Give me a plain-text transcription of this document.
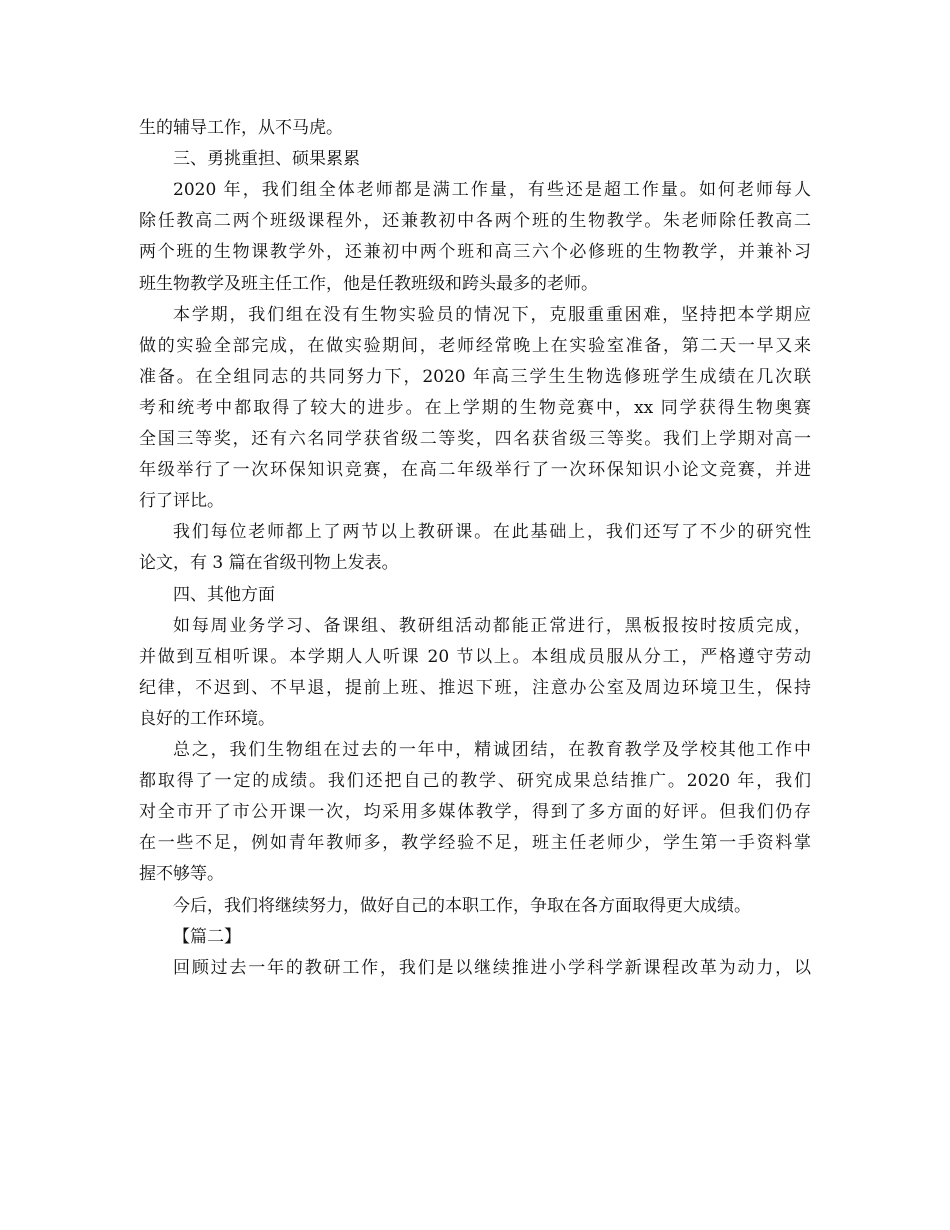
生的辅导工作，从不马虎。
三、勇挑重担、硕果累累
2020 年，我们组全体老师都是满工作量，有些还是超工作量。如何老师每人
除任教高二两个班级课程外，还兼教初中各两个班的生物教学。朱老师除任教高二
两个班的生物课教学外，还兼初中两个班和高三六个必修班的生物教学，并兼补习
班生物教学及班主任工作，他是任教班级和跨头最多的老师。
本学期，我们组在没有生物实验员的情况下，克服重重困难，坚持把本学期应
做的实验全部完成，在做实验期间，老师经常晚上在实验室准备，第二天一早又来
准备。在全组同志的共同努力下，2020 年高三学生生物选修班学生成绩在几次联
考和统考中都取得了较大的进步。在上学期的生物竞赛中，xx 同学获得生物奥赛
全国三等奖，还有六名同学获省级二等奖，四名获省级三等奖。我们上学期对高一
年级举行了一次环保知识竞赛，在高二年级举行了一次环保知识小论文竞赛，并进
行了评比。
我们每位老师都上了两节以上教研课。在此基础上，我们还写了不少的研究性
论文，有 3 篇在省级刊物上发表。
四、其他方面
如每周业务学习、备课组、教研组活动都能正常进行，黑板报按时按质完成，
并做到互相听课。本学期人人听课 20 节以上。本组成员服从分工，严格遵守劳动
纪律，不迟到、不早退，提前上班、推迟下班，注意办公室及周边环境卫生，保持
良好的工作环境。
总之，我们生物组在过去的一年中，精诚团结，在教育教学及学校其他工作中
都取得了一定的成绩。我们还把自己的教学、研究成果总结推广。2020 年，我们
对全市开了市公开课一次，均采用多媒体教学，得到了多方面的好评。但我们仍存
在一些不足，例如青年教师多，教学经验不足，班主任老师少，学生第一手资料掌
握不够等。
今后，我们将继续努力，做好自己的本职工作，争取在各方面取得更大成绩。
【篇二】
回顾过去一年的教研工作，我们是以继续推进小学科学新课程改革为动力，以
